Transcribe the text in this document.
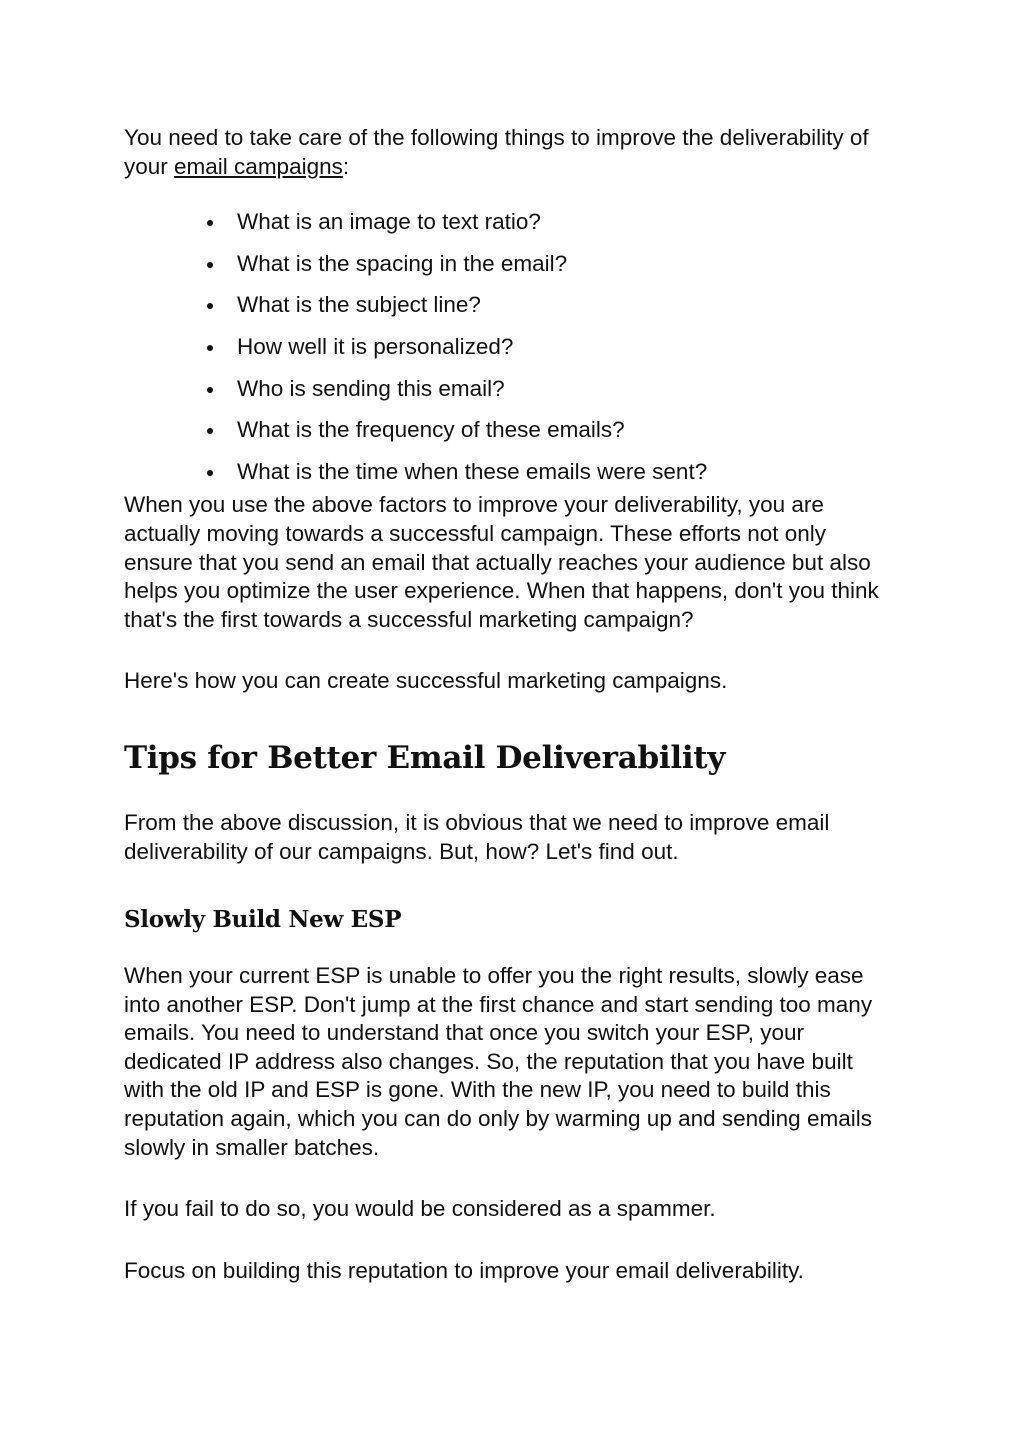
You need to take care of the following things to improve the deliverability of your email campaigns:

What is an image to text ratio?
What is the spacing in the email?
What is the subject line?
How well it is personalized?
Who is sending this email?
What is the frequency of these emails?
What is the time when these emails were sent?

When you use the above factors to improve your deliverability, you are actually moving towards a successful campaign. These efforts not only ensure that you send an email that actually reaches your audience but also helps you optimize the user experience. When that happens, don't you think that's the first towards a successful marketing campaign?

Here's how you can create successful marketing campaigns.

Tips for Better Email Deliverability

From the above discussion, it is obvious that we need to improve email deliverability of our campaigns. But, how? Let's find out.

Slowly Build New ESP

When your current ESP is unable to offer you the right results, slowly ease into another ESP. Don't jump at the first chance and start sending too many emails. You need to understand that once you switch your ESP, your dedicated IP address also changes. So, the reputation that you have built with the old IP and ESP is gone. With the new IP, you need to build this reputation again, which you can do only by warming up and sending emails slowly in smaller batches.

If you fail to do so, you would be considered as a spammer.

Focus on building this reputation to improve your email deliverability.
